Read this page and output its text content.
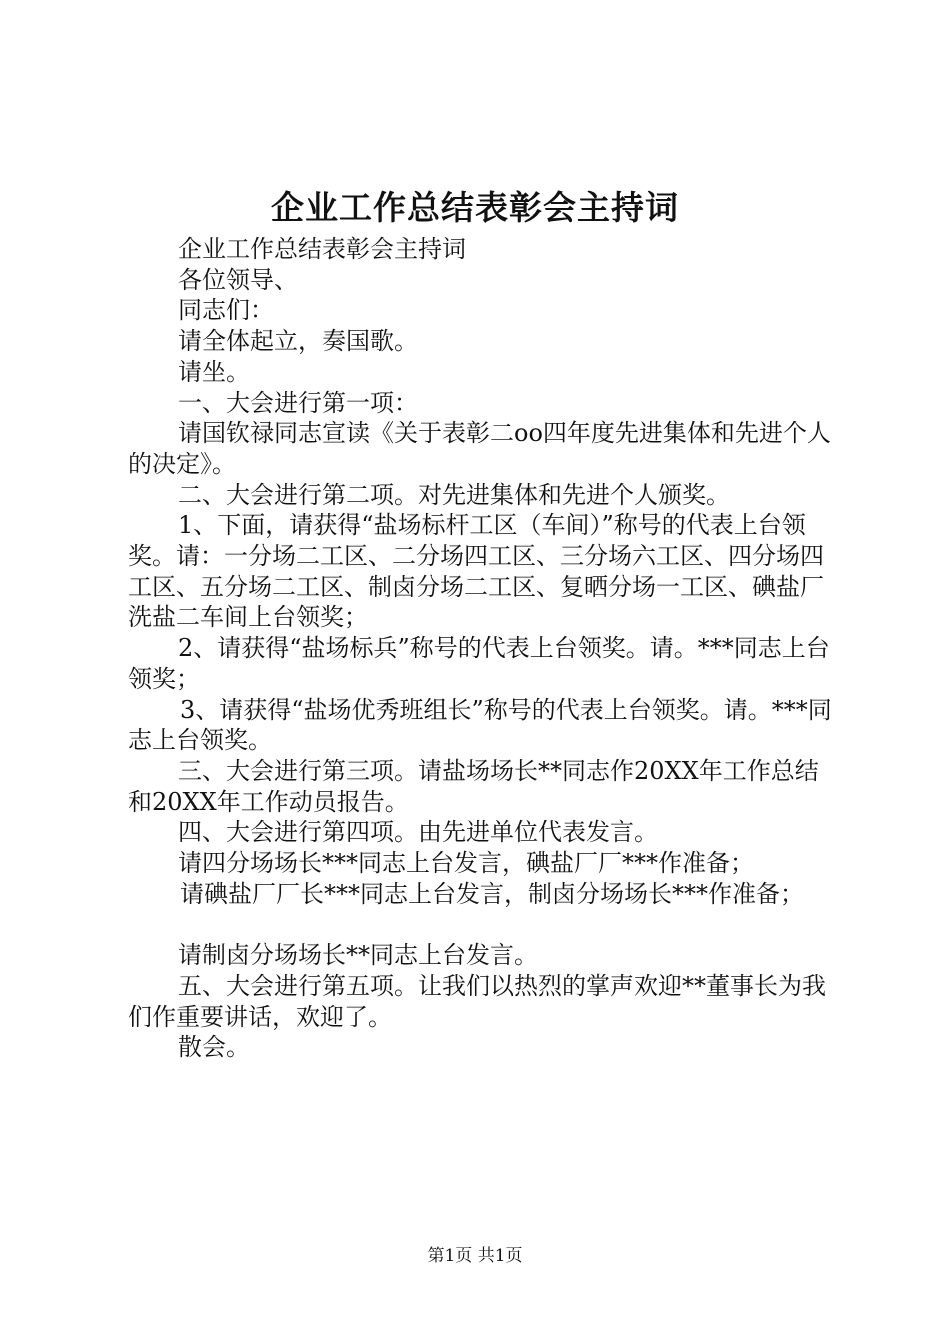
企业工作总结表彰会主持词

企业工作总结表彰会主持词

各位领导、

同志们：

请全体起立，奏国歌。

请坐。

一、大会进行第一项：

请国钦禄同志宣读《关于表彰二oo四年度先进集体和先进个人的决定》。

二、大会进行第二项。对先进集体和先进个人颁奖。

1、下面，请获得“盐场标杆工区（车间）”称号的代表上台领奖。请：一分场二工区、二分场四工区、三分场六工区、四分场四工区、五分场二工区、制卤分场二工区、复晒分场一工区、碘盐厂洗盐二车间上台领奖；

2、请获得“盐场标兵”称号的代表上台领奖。请。***同志上台领奖；

3、请获得“盐场优秀班组长”称号的代表上台领奖。请。***同志上台领奖。

三、大会进行第三项。请盐场场长**同志作20XX年工作总结和20XX年工作动员报告。

四、大会进行第四项。由先进单位代表发言。

请四分场场长***同志上台发言，碘盐厂厂***作准备；

请碘盐厂厂长***同志上台发言，制卤分场场长***作准备；

请制卤分场场长**同志上台发言。

五、大会进行第五项。让我们以热烈的掌声欢迎**董事长为我们作重要讲话，欢迎了。

散会。

第1页 共1页
